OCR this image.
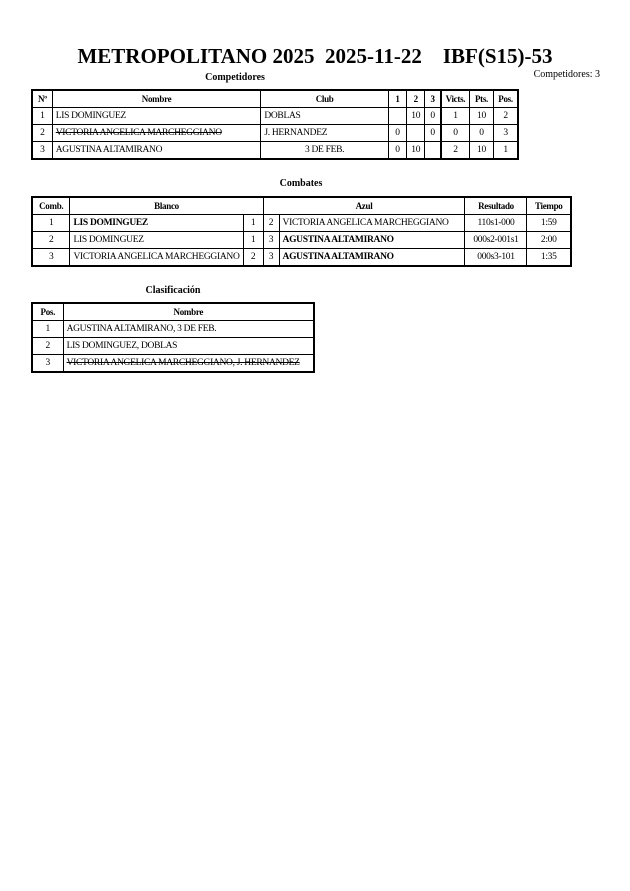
METROPOLITANO 2025  2025-11-22    IBF(S15)-53
Competidores: 3
Competidores
Nº	Nombre	Club	1	2	3	Victs.	Pts.	Pos.
1	LIS DOMINGUEZ	DOBLAS		10	0	1	10	2
2	VICTORIA ANGELICA MARCHEGGIANO	J. HERNANDEZ	0		0	0	0	3
3	AGUSTINA ALTAMIRANO	3 DE FEB.	0	10		2	10	1
Combates
Comb.	Blanco		Azul		Resultado	Tiempo
1	LIS DOMINGUEZ	1	2	VICTORIA ANGELICA MARCHEGGIANO	110s1-000	1:59
2	LIS DOMINGUEZ	1	3	AGUSTINA ALTAMIRANO	000s2-001s1	2:00
3	VICTORIA ANGELICA MARCHEGGIANO	2	3	AGUSTINA ALTAMIRANO	000s3-101	1:35
Clasificación
Pos.	Nombre
1	AGUSTINA ALTAMIRANO, 3 DE FEB.
2	LIS DOMINGUEZ, DOBLAS
3	VICTORIA ANGELICA MARCHEGGIANO, J. HERNANDEZ
